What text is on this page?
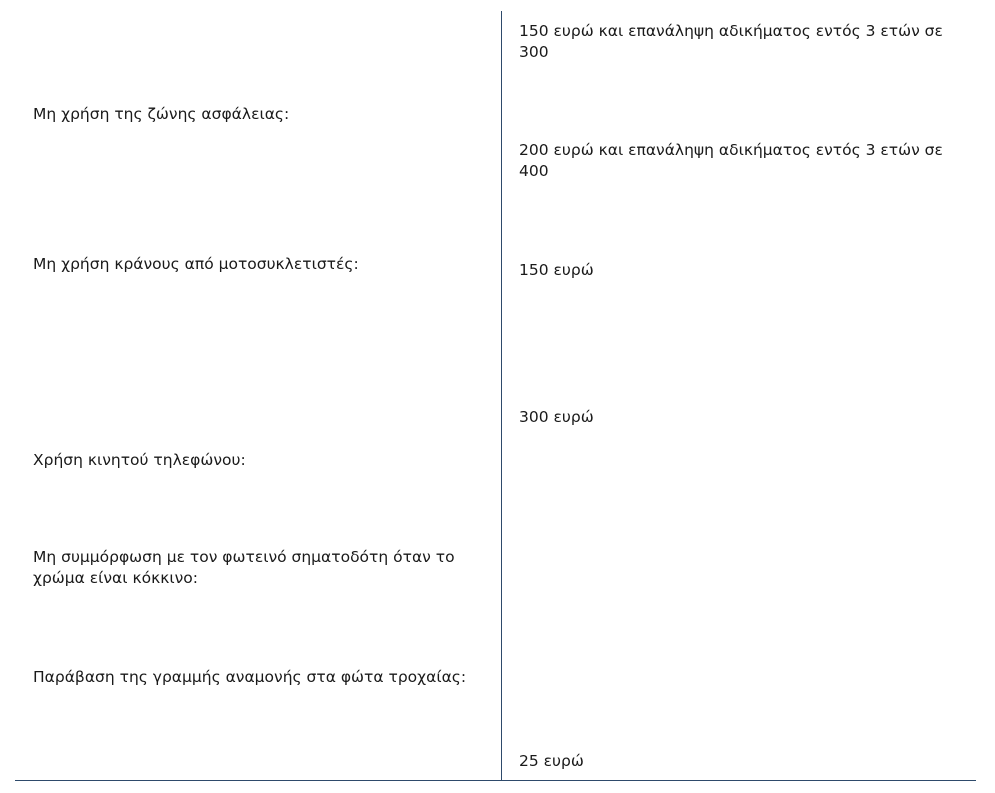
Μη χρήση της ζώνης ασφάλειας:

Μη χρήση κράνους από μοτοσυκλετιστές:

Χρήση κινητού τηλεφώνου:

Μη συμμόρφωση με τον φωτεινό σηματοδότη όταν το χρώμα είναι κόκκινο:

Παράβαση της γραμμής αναμονής στα φώτα τροχαίας:

150 ευρώ και επανάληψη αδικήματος εντός 3 ετών σε 300

200 ευρώ και επανάληψη αδικήματος εντός 3 ετών σε 400

150 ευρώ

300 ευρώ

25 ευρώ
